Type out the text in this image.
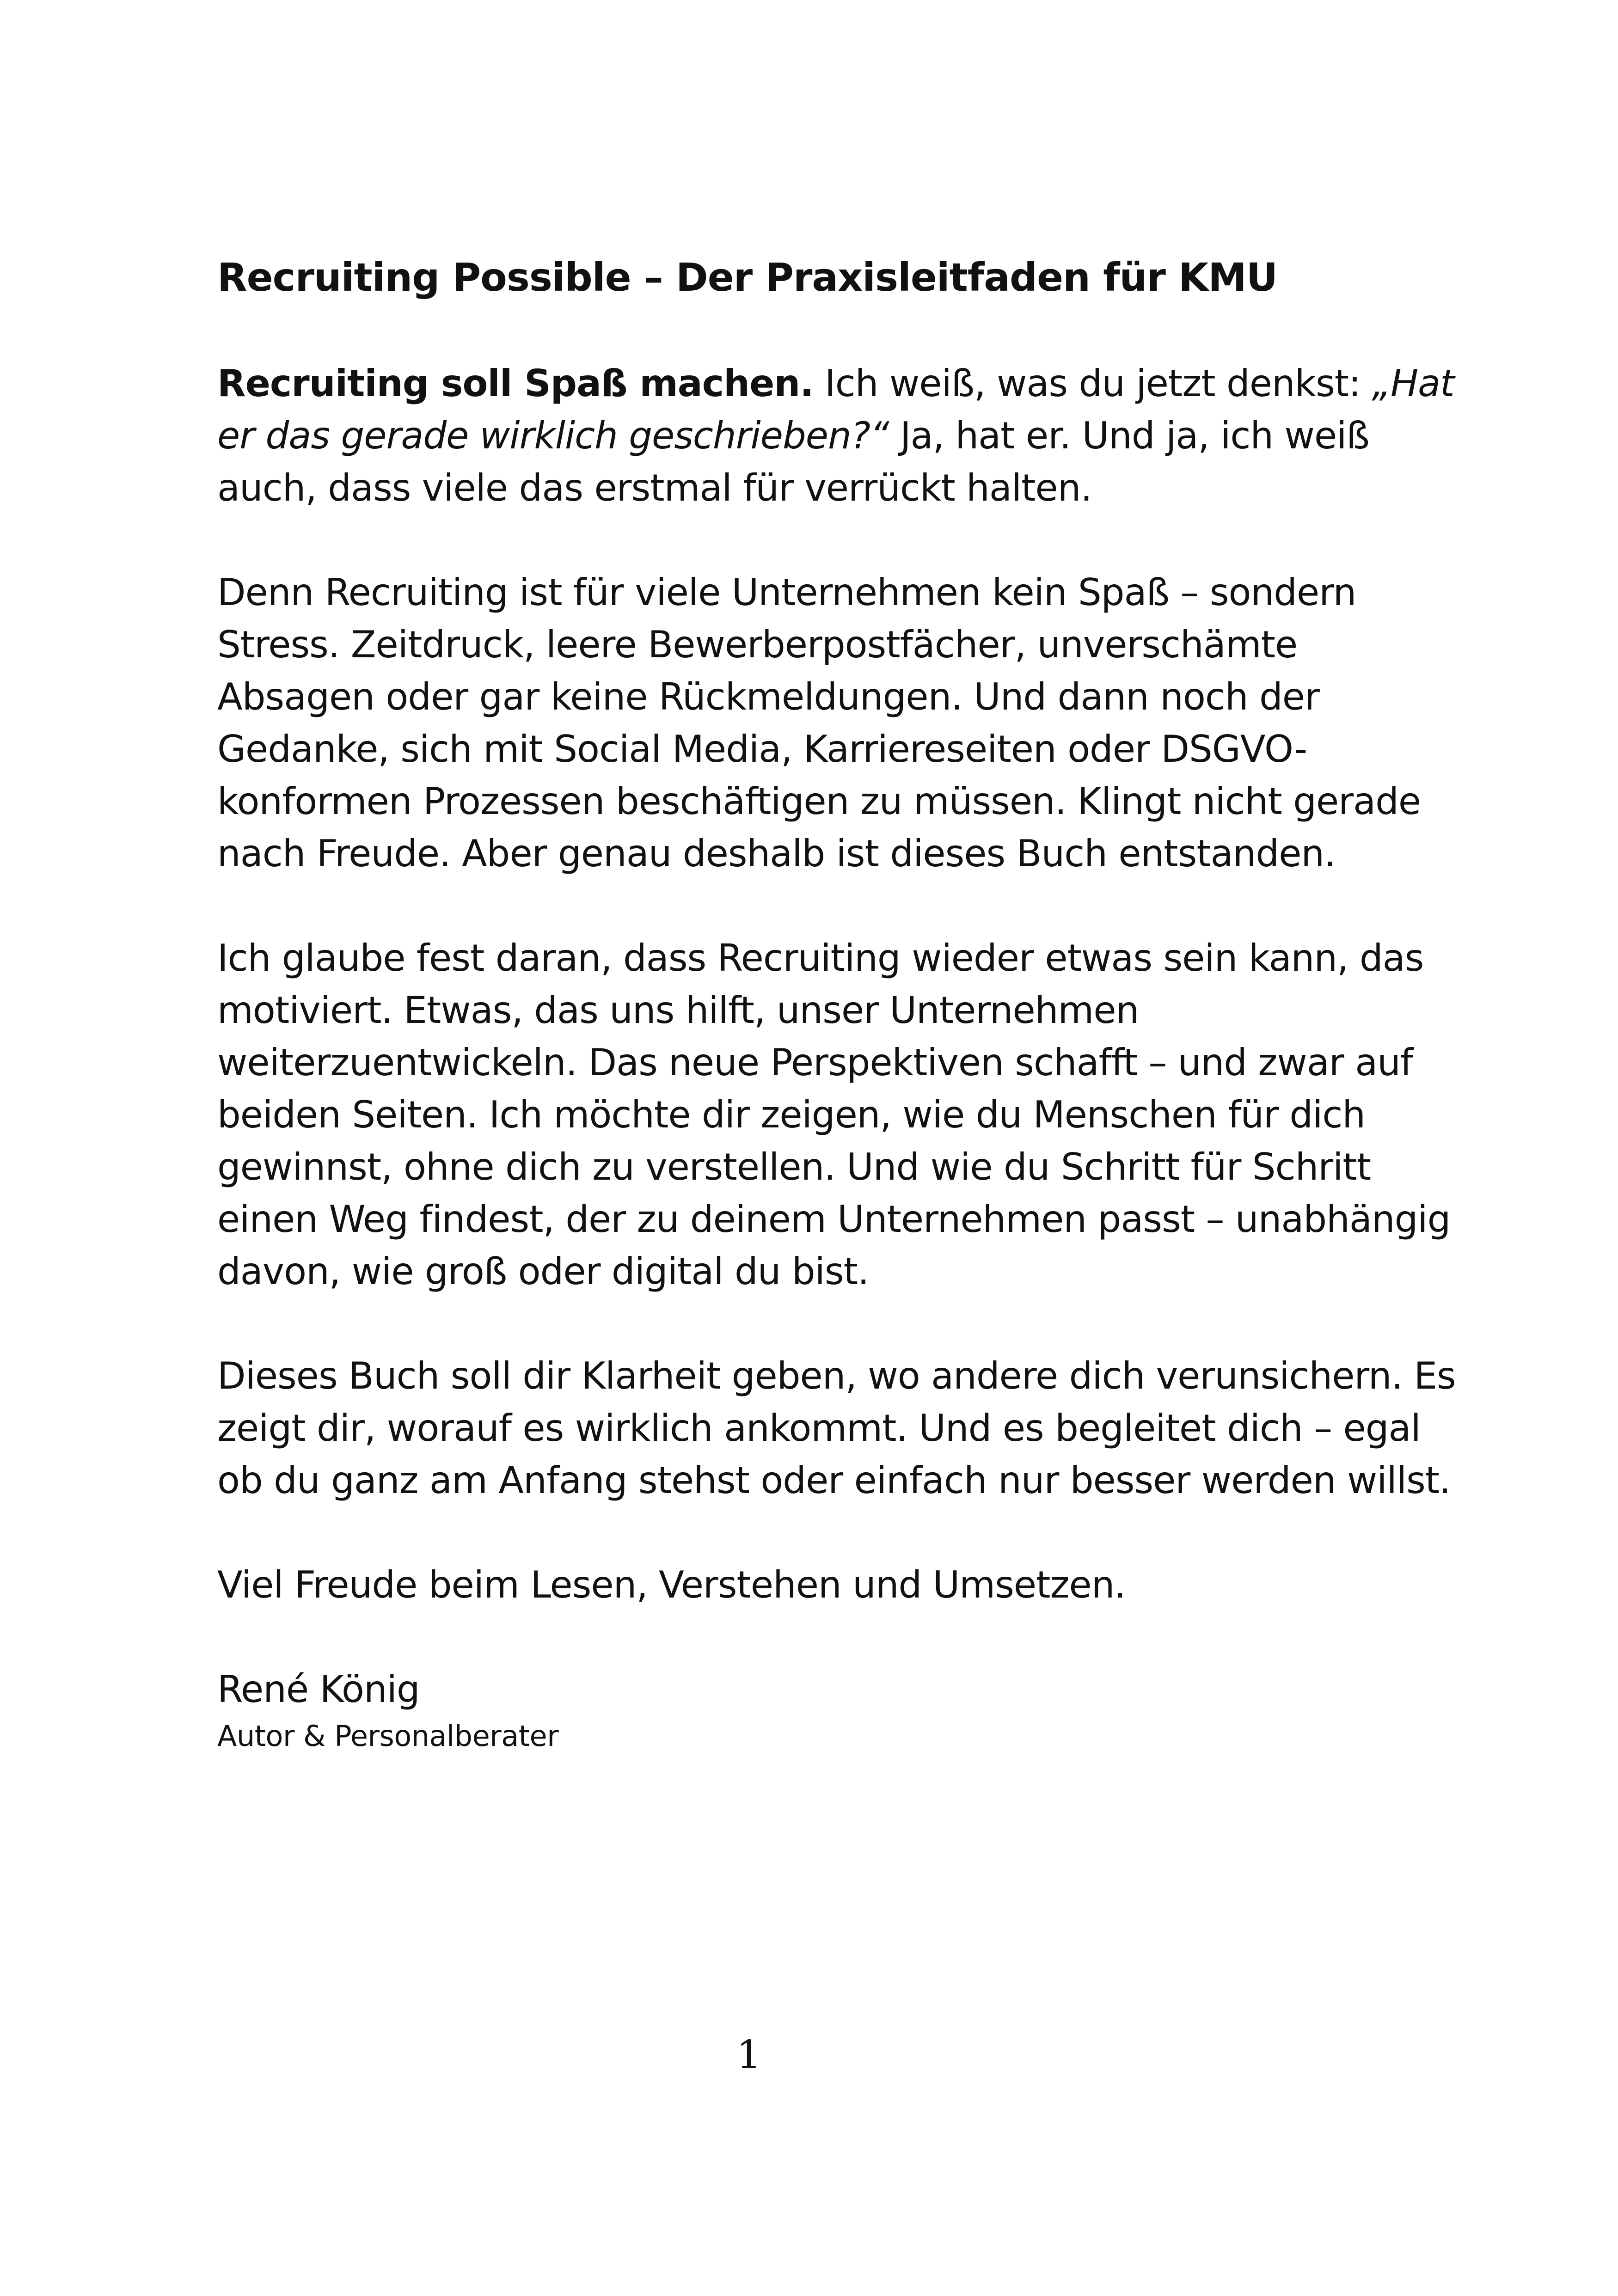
Recruiting Possible – Der Praxisleitfaden für KMU

Recruiting soll Spaß machen. Ich weiß, was du jetzt denkst: „Hat er das gerade wirklich geschrieben?“ Ja, hat er. Und ja, ich weiß auch, dass viele das erstmal für verrückt halten.

Denn Recruiting ist für viele Unternehmen kein Spaß – sondern Stress. Zeitdruck, leere Bewerberpostfächer, unverschämte Absagen oder gar keine Rückmeldungen. Und dann noch der Gedanke, sich mit Social Media, Karriereseiten oder DSGVO-konformen Prozessen beschäftigen zu müssen. Klingt nicht gerade nach Freude. Aber genau deshalb ist dieses Buch entstanden.

Ich glaube fest daran, dass Recruiting wieder etwas sein kann, das motiviert. Etwas, das uns hilft, unser Unternehmen weiterzuentwickeln. Das neue Perspektiven schafft – und zwar auf beiden Seiten. Ich möchte dir zeigen, wie du Menschen für dich gewinnst, ohne dich zu verstellen. Und wie du Schritt für Schritt einen Weg findest, der zu deinem Unternehmen passt – unabhängig davon, wie groß oder digital du bist.

Dieses Buch soll dir Klarheit geben, wo andere dich verunsichern. Es zeigt dir, worauf es wirklich ankommt. Und es begleitet dich – egal ob du ganz am Anfang stehst oder einfach nur besser werden willst.

Viel Freude beim Lesen, Verstehen und Umsetzen.

René König
Autor & Personalberater
1
